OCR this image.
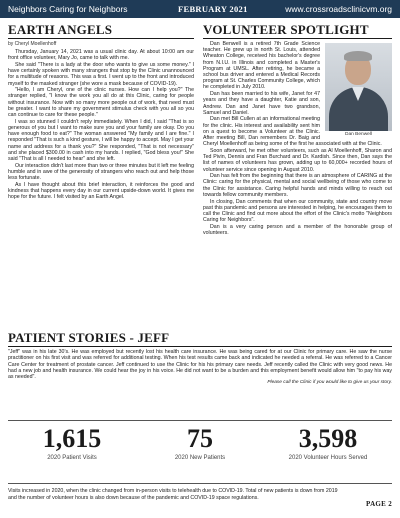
Neighbors Caring for Neighbors	FEBRUARY 2021	www.crossroadsclinicvm.org
EARTH ANGELS
by Cheryl Moellenhoff

Thursday, January 14, 2021 was a usual clinic day. At about 10:00 am our front office volunteer, Mary Jo, came to talk with me.

She said "There is a lady at the door who wants to give us some money." I have certainly spoken with many strangers that stop by the Clinic unannounced for a multitude of reasons. This was a first. I went up to the front and introduced myself to the masked stranger (she wore a mask because of COVID-19).

"Hello, I am Cheryl, one of the clinic nurses. How can I help you?" The stranger replied, "I know the work you all do at this Clinic, caring for people without insurance. Now with so many more people out of work, that need must be greater. I want to share my government stimulus check with you all so you can continue to care for these people."

I was so stunned I couldn't reply immediately. When I did, I said "That is so generous of you but I want to make sure you and your family are okay. Do you have enough food to eat?" The woman answered "My family and I are fine." I responded "That is such a kind gesture, I will be happy to accept. May I get your name and address for a thank you?" She responded, "That is not necessary" and she placed $300.00 in cash into my hands. I replied, "God bless you!" She said "That is all I needed to hear" and she left.

Our interaction didn't last more than two or three minutes but it left me feeling humble and in awe of the generosity of strangers who reach out and help those less fortunate.

As I have thought about this brief interaction, it reinforces the good and kindness that happens every day in our current upside-down world. It gives me hope for the future. I felt visited by an Earth Angel.

VOLUNTEER SPOTLIGHT
Dan Benwell

Dan Benwell is a retired 7th Grade Science teacher. He grew up in north St. Louis, attended Wheaton College, received his bachelor's degree from N.I.U. in Illinois and completed a Master's Program at UMSL. After retiring, he became a school bus driver and entered a Medical Records program at St. Charles Community College, which he completed in July 2010.

Dan has been married to his wife, Janet for 47 years and they have a daughter, Katie and son, Andrew. Dan and Janet have two grandson, Samuel and Daniel.

Dan met Bill Cullen at an informational meeting for the clinic. His interest and availability sent him on a quest to become a Volunteer at the Clinic. After meeting Bill, Dan remembers Dr. Baig and Cheryl Moellenhoff as being some of the first he associated with at the Clinic.

Soon afterward, he met other volunteers, such as Al Moellenhoff, Sharon and Ted Pivin, Dennis and Fran Burchard and Dr. Kardish. Since then, Dan says the list of names of volunteers has grown, adding up to 60,000+ recorded hours of volunteer service since opening in August 2010.

Dan has felt from the beginning that there is an atmosphere of CARING at the Clinic: caring for the physical, mental and social wellbeing of those who come to the Clinic for assistance. Caring helpful hands and minds willing to reach out towards fellow community members.

In closing, Dan comments that when our community, state and country move past this pandemic and persons are interested in helping, he encourages them to call the Clinic and find out more about the effort of the Clinic's motto "Neighbors Caring for Neighbors".

Dan is a very caring person and a member of the honorable group of volunteers.

PATIENT STORIES - JEFF

"Jeff" was in his late 30's. He was employed but recently lost his health care insurance. He was being cared for at our Clinic for primary care. He saw the nurse practitioner on his first visit and was referred for additional testing. When his test results came back and indicated he needed a referral. He was referred to a Cancer Care Center for treatment of prostate cancer. Jeff continued to use the Clinic for his his primary care needs. Jeff recently called the Clinic with very good news. He had a new job and health insurance. We could hear the joy in his voice. He did not want to be a burden and this employment benefit would allow him "to pay his way as needed".

Please call the Clinic if you would like to give us your story.

1,615
2020 Patient Visits
75
2020 New Patients
3,598
2020 Volunteer Hours Served
Visits increased in 2020, when the clinic changed from in-person visits to telehealth due to COVID-19. Total of new patients is down from 2019 and the number of volunteer hours is also down because of the pandemic and COVID-19 space regulations.
PAGE 2
